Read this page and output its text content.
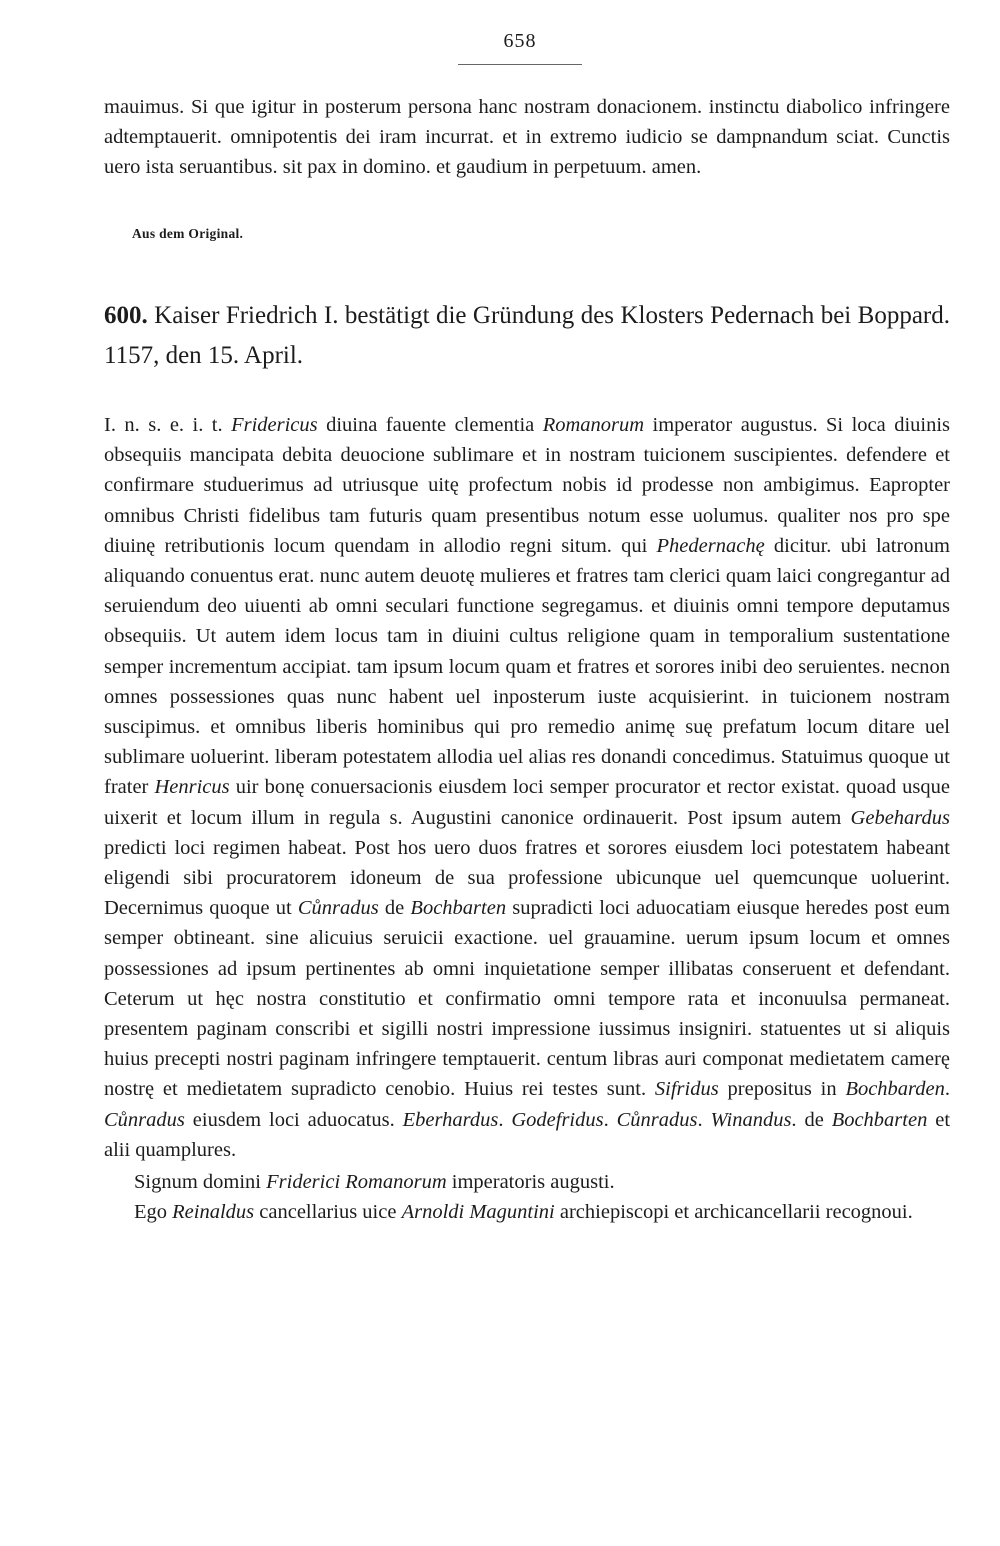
658

mauimus. Si que igitur in posterum persona hanc nostram donacionem. instinctu diabolico infringere adtemptauerit. omnipotentis dei iram incurrat. et in extremo iudicio se dampnandum sciat. Cunctis uero ista seruantibus. sit pax in domino. et gaudium in perpetuum. amen.

Aus dem Original.
600. Kaiser Friedrich I. bestätigt die Gründung des Klosters Pedernach bei Boppard. 1157, den 15. April.

I. n. s. e. i. t. Fridericus diuina fauente clementia Romanorum imperator augustus. Si loca diuinis obsequiis mancipata debita deuocione sublimare et in nostram tuicionem suscipientes. defendere et confirmare studuerimus ad utriusque uitę profectum nobis id prodesse non ambigimus. Eapropter omnibus Christi fidelibus tam futuris quam presentibus notum esse uolumus. qualiter nos pro spe diuinę retributionis locum quendam in allodio regni situm. qui Phedernachę dicitur. ubi latronum aliquando conuentus erat. nunc autem deuotę mulieres et fratres tam clerici quam laici congregantur ad seruiendum deo uiuenti ab omni seculari functione segregamus. et diuinis omni tempore deputamus obsequiis. Ut autem idem locus tam in diuini cultus religione quam in temporalium sustentatione semper incrementum accipiat. tam ipsum locum quam et fratres et sorores inibi deo seruientes. necnon omnes possessiones quas nunc habent uel inposterum iuste acquisierint. in tuicionem nostram suscipimus. et omnibus liberis hominibus qui pro remedio animę suę prefatum locum ditare uel sublimare uoluerint. liberam potestatem allodia uel alias res donandi concedimus. Statuimus quoque ut frater Henricus uir bonę conuersacionis eiusdem loci semper procurator et rector existat. quoad usque uixerit et locum illum in regula s. Augustini canonice ordinauerit. Post ipsum autem Gebehardus predicti loci regimen habeat. Post hos uero duos fratres et sorores eiusdem loci potestatem habeant eligendi sibi procuratorem idoneum de sua professione ubicunque uel quemcunque uoluerint. Decernimus quoque ut Cůnradus de Bochbarten supradicti loci aduocatiam eiusque heredes post eum semper obtineant. sine alicuius seruicii exactione. uel grauamine. uerum ipsum locum et omnes possessiones ad ipsum pertinentes ab omni inquietatione semper illibatas conseruent et defendant. Ceterum ut hęc nostra constitutio et confirmatio omni tempore rata et inconuulsa permaneat. presentem paginam conscribi et sigilli nostri impressione iussimus insigniri. statuentes ut si aliquis huius precepti nostri paginam infringere temptauerit. centum libras auri componat medietatem camerę nostrę et medietatem supradicto cenobio. Huius rei testes sunt. Sifridus prepositus in Bochbarden. Cůnradus eiusdem loci aduocatus. Eberhardus. Godefridus. Cůnradus. Winandus. de Bochbarten et alii quamplures.

Signum domini Friderici Romanorum imperatoris augusti.

Ego Reinaldus cancellarius uice Arnoldi Maguntini archiepiscopi et archicancellarii recognoui.
